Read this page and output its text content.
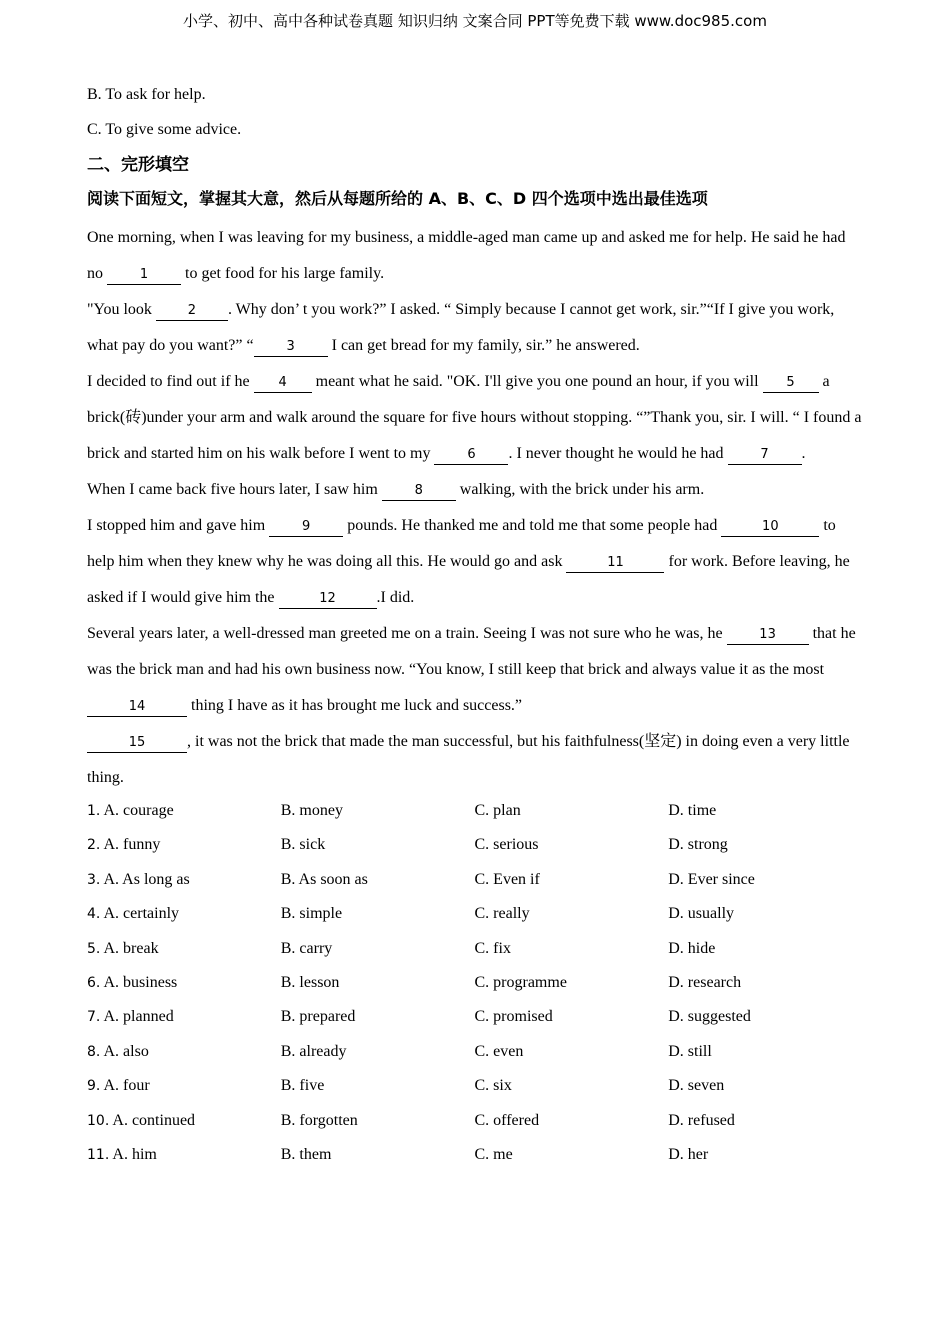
小学、初中、高中各种试卷真题 知识归纳 文案合同 PPT等免费下载 www.doc985.com
B. To ask for help.
C. To give some advice.
二、完形填空
阅读下面短文，掌握其大意，然后从每题所给的 A、B、C、D 四个选项中选出最佳选项

One morning, when I was leaving for my business, a middle-aged man came up and asked me for help. He said he had no	1 to get food for his large family.

"You look 2 . Why don’ t you work?” I asked. “ Simply because I cannot get work, sir.”“If I give you work, what pay do you want?” “	3 I can get bread for my family, sir.” he answered.

I decided to find out if he 4 meant what he said. "OK. I'll give you one pound an hour, if you will 5 a brick(砖)under your arm and walk around the square for five hours without stopping. “”Thank you, sir. I will. “ I found a brick and started him on his walk before I went to my	6 . I never thought he would he had	7 .

When I came back five hours later, I saw him	8 walking, with the brick under his arm.

I stopped him and gave him	9 pounds. He thanked me and told me that some people had	10	to help him when they knew why he was doing all this. He would go and ask	11	for work. Before leaving, he asked if I would give him the	12	.I did.

Several years later, a well-dressed man greeted me on a train. Seeing I was not sure who he was, he	13 that he was the brick man and had his own business now. “You know, I still keep that brick and always value it as the most 14	thing I have as it has brought me luck and success.”

15	, it was not the brick that made the man successful, but his faithfulness(坚定) in doing even a very little thing.

1. A. courage	B. money	C. plan	D. time
2. A. funny	B. sick	C. serious	D. strong
3. A. As long as	B. As soon as	C. Even if	D. Ever since
4. A. certainly	B. simple	C. really	D. usually
5. A. break	B. carry	C. fix	D. hide
6. A. business	B. lesson	C. programme	D. research
7. A. planned	B. prepared	C. promised	D. suggested
8. A. also	B. already	C. even	D. still
9. A. four	B. five	C. six	D. seven
10. A. continued	B. forgotten	C. offered	D. refused
11. A. him	B. them	C. me	D. her
